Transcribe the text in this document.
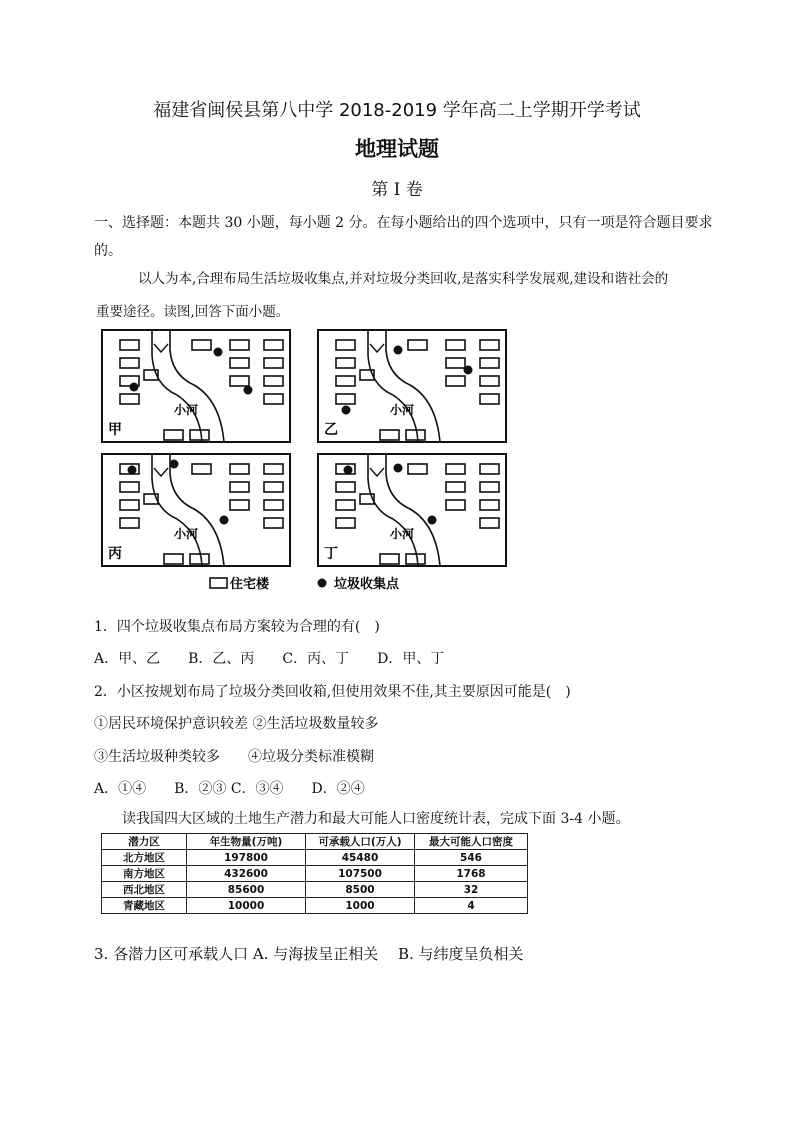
福建省闽侯县第八中学 2018-2019 学年高二上学期开学考试
地理试题
第 I 卷
一、选择题：本题共 30 小题，每小题 2 分。在每小题给出的四个选项中，只有一项是符合题目要求的。
以人为本,合理布局生活垃圾收集点,并对垃圾分类回收,是落实科学发展观,建设和谐社会的
重要途径。读图,回答下面小题。
小河
甲
小河
乙
小河
丙
小河
丁
住宅楼	垃圾收集点
1．四个垃圾收集点布局方案较为合理的有(　)
A．甲、乙　　B．乙、丙　　C．丙、丁　　D．甲、丁
2．小区按规划布局了垃圾分类回收箱,但使用效果不佳,其主要原因可能是(　)
①居民环境保护意识较差 ②生活垃圾数量较多
③生活垃圾种类较多　　④垃圾分类标准模糊
A．①④　　B．②③ C．③④　　D．②④
读我国四大区域的土地生产潜力和最大可能人口密度统计表，完成下面 3-4 小题。
潜力区	年生物量(万吨)	可承载人口(万人)	最大可能人口密度
北方地区	197800	45480	546
南方地区	432600	107500	1768
西北地区	85600	8500	32
青藏地区	10000	1000	4
3. 各潜力区可承载人口 A. 与海拔呈正相关　 B. 与纬度呈负相关
